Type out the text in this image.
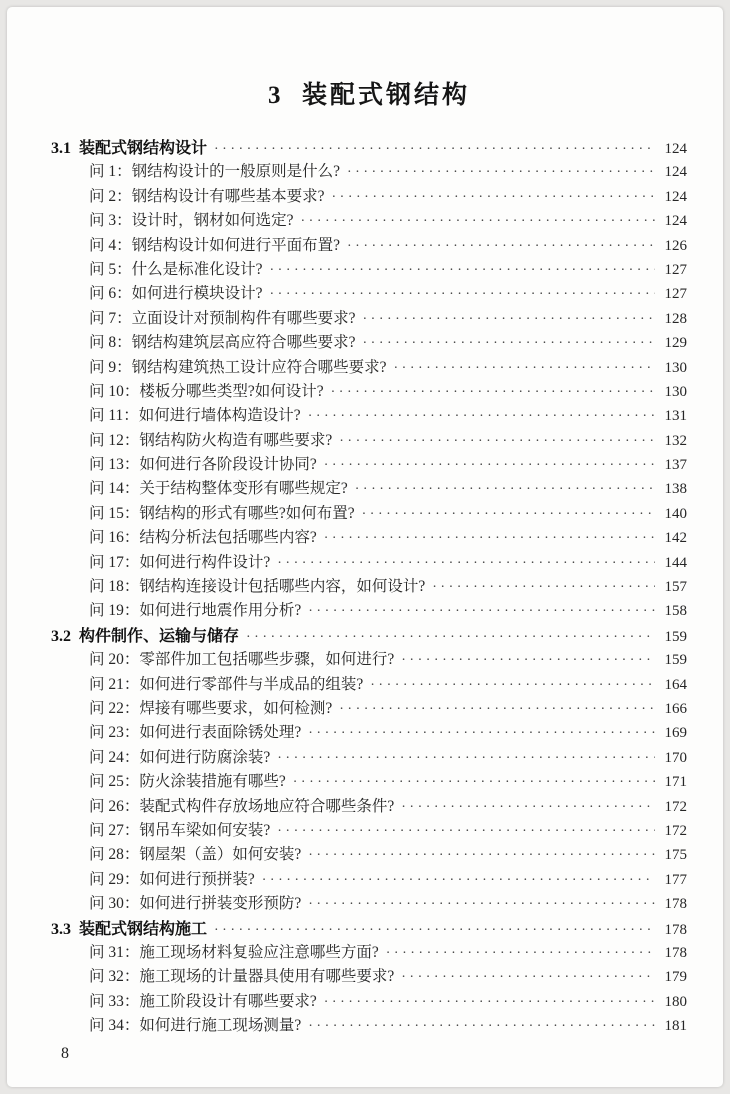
3  装配式钢结构
3.1  装配式钢结构设计 ·····	124
问 1：钢结构设计的一般原则是什么? ·····	124
问 2：钢结构设计有哪些基本要求? ·····	124
问 3：设计时，钢材如何选定? ·····	124
问 4：钢结构设计如何进行平面布置? ·····	126
问 5：什么是标准化设计? ·····	127
问 6：如何进行模块设计? ·····	127
问 7：立面设计对预制构件有哪些要求? ·····	128
问 8：钢结构建筑层高应符合哪些要求? ·····	129
问 9：钢结构建筑热工设计应符合哪些要求? ·····	130
问 10：楼板分哪些类型?如何设计? ·····	130
问 11：如何进行墙体构造设计? ·····	131
问 12：钢结构防火构造有哪些要求? ·····	132
问 13：如何进行各阶段设计协同? ·····	137
问 14：关于结构整体变形有哪些规定? ·····	138
问 15：钢结构的形式有哪些?如何布置? ·····	140
问 16：结构分析法包括哪些内容? ·····	142
问 17：如何进行构件设计? ·····	144
问 18：钢结构连接设计包括哪些内容，如何设计? ·····	157
问 19：如何进行地震作用分析? ·····	158
3.2  构件制作、运输与储存 ·····	159
问 20：零部件加工包括哪些步骤，如何进行? ·····	159
问 21：如何进行零部件与半成品的组装? ·····	164
问 22：焊接有哪些要求，如何检测? ·····	166
问 23：如何进行表面除锈处理? ·····	169
问 24：如何进行防腐涂装? ·····	170
问 25：防火涂装措施有哪些? ·····	171
问 26：装配式构件存放场地应符合哪些条件? ·····	172
问 27：钢吊车梁如何安装? ·····	172
问 28：钢屋架（盖）如何安装? ·····	175
问 29：如何进行预拼装? ·····	177
问 30：如何进行拼装变形预防? ·····	178
3.3  装配式钢结构施工 ·····	178
问 31：施工现场材料复验应注意哪些方面? ·····	178
问 32：施工现场的计量器具使用有哪些要求? ·····	179
问 33：施工阶段设计有哪些要求? ·····	180
问 34：如何进行施工现场测量? ·····	181
8
